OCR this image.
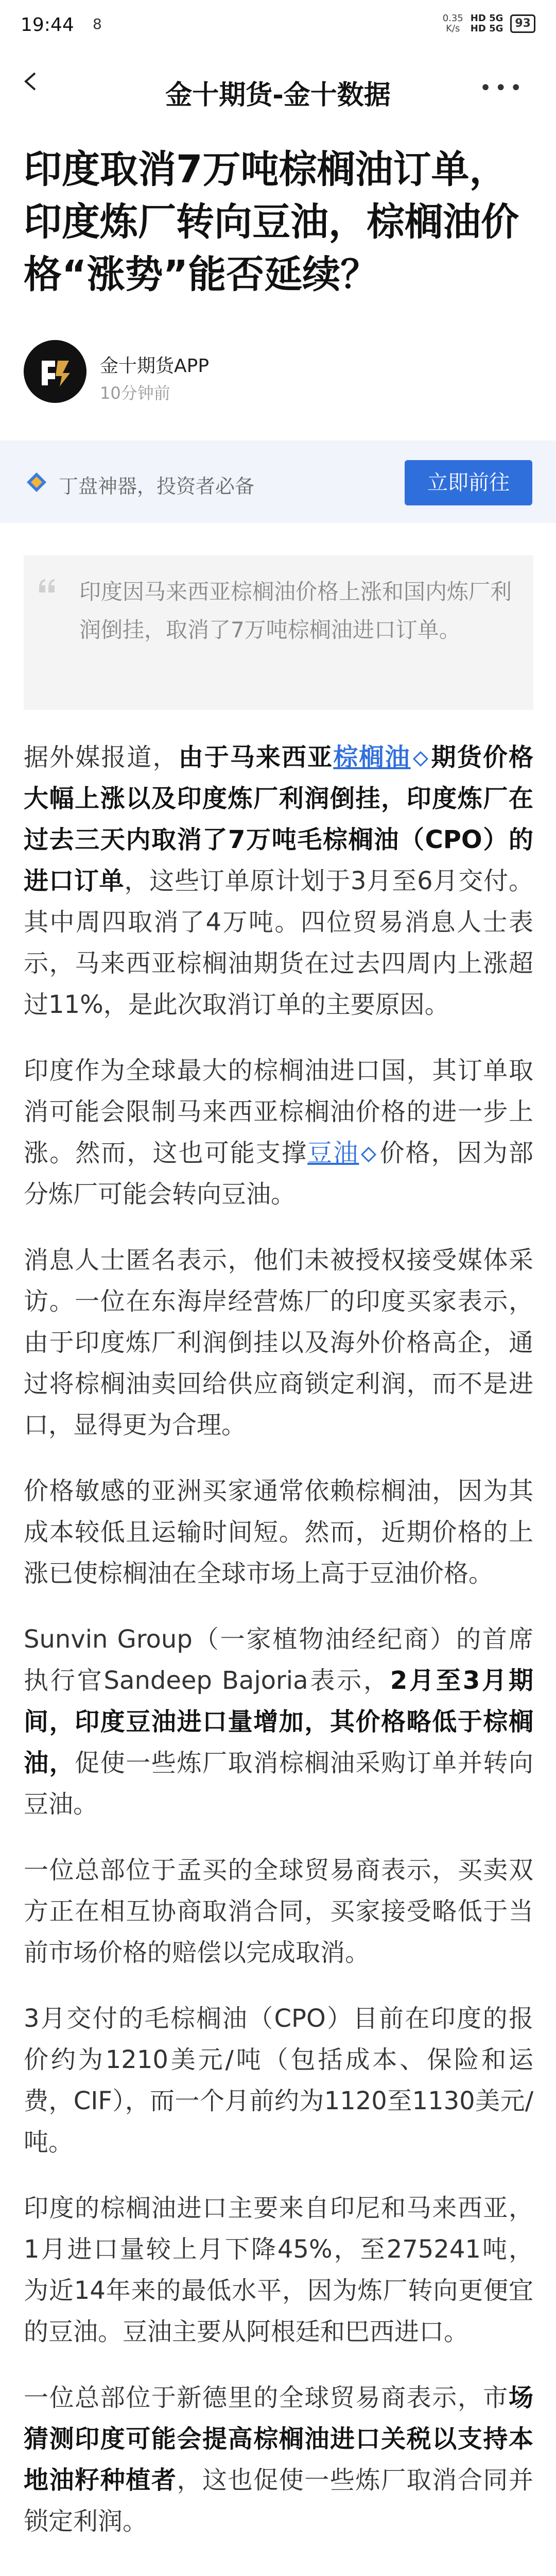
19:44 8	0.35
K/s
HD 5G
HD 5G	93
金十期货-金十数据	•••
印度取消7万吨棕榈油订单，印度炼厂转向豆油，棕榈油价格“涨势”能否延续？
金十期货APP
10分钟前
丁盘神器，投资者必备	立即前往

印度因马来西亚棕榈油价格上涨和国内炼厂利润倒挂，取消了7万吨棕榈油进口订单。

据外媒报道，由于马来西亚棕榈油 期货价格大幅上涨以及印度炼厂利润倒挂，印度炼厂在过去三天内取消了7万吨毛棕榈油（CPO）的进口订单，这些订单原计划于3月至6月交付。其中周四取消了4万吨。四位贸易消息人士表示，马来西亚棕榈油期货在过去四周内上涨超过11%，是此次取消订单的主要原因。

印度作为全球最大的棕榈油进口国，其订单取消可能会限制马来西亚棕榈油价格的进一步上涨。然而，这也可能支撑豆油 价格，因为部分炼厂可能会转向豆油。

消息人士匿名表示，他们未被授权接受媒体采访。一位在东海岸经营炼厂的印度买家表示，由于印度炼厂利润倒挂以及海外价格高企，通过将棕榈油卖回给供应商锁定利润，而不是进口，显得更为合理。

价格敏感的亚洲买家通常依赖棕榈油，因为其成本较低且运输时间短。然而，近期价格的上涨已使棕榈油在全球市场上高于豆油价格。

Sunvin Group（一家植物油经纪商）的首席执行官Sandeep Bajoria表示，2月至3月期间，印度豆油进口量增加，其价格略低于棕榈油，促使一些炼厂取消棕榈油采购订单并转向豆油。

一位总部位于孟买的全球贸易商表示，买卖双方正在相互协商取消合同，买家接受略低于当前市场价格的赔偿以完成取消。

3月交付的毛棕榈油（CPO）目前在印度的报价约为1210美元/吨（包括成本、保险和运费，CIF），而一个月前约为1120至1130美元/吨。

印度的棕榈油进口主要来自印尼和马来西亚，1月进口量较上月下降45%，至275241吨，为近14年来的最低水平，因为炼厂转向更便宜的豆油。豆油主要从阿根廷和巴西进口。

一位总部位于新德里的全球贸易商表示，市场猜测印度可能会提高棕榈油进口关税以支持本地油籽种植者，这也促使一些炼厂取消合同并锁定利润。
